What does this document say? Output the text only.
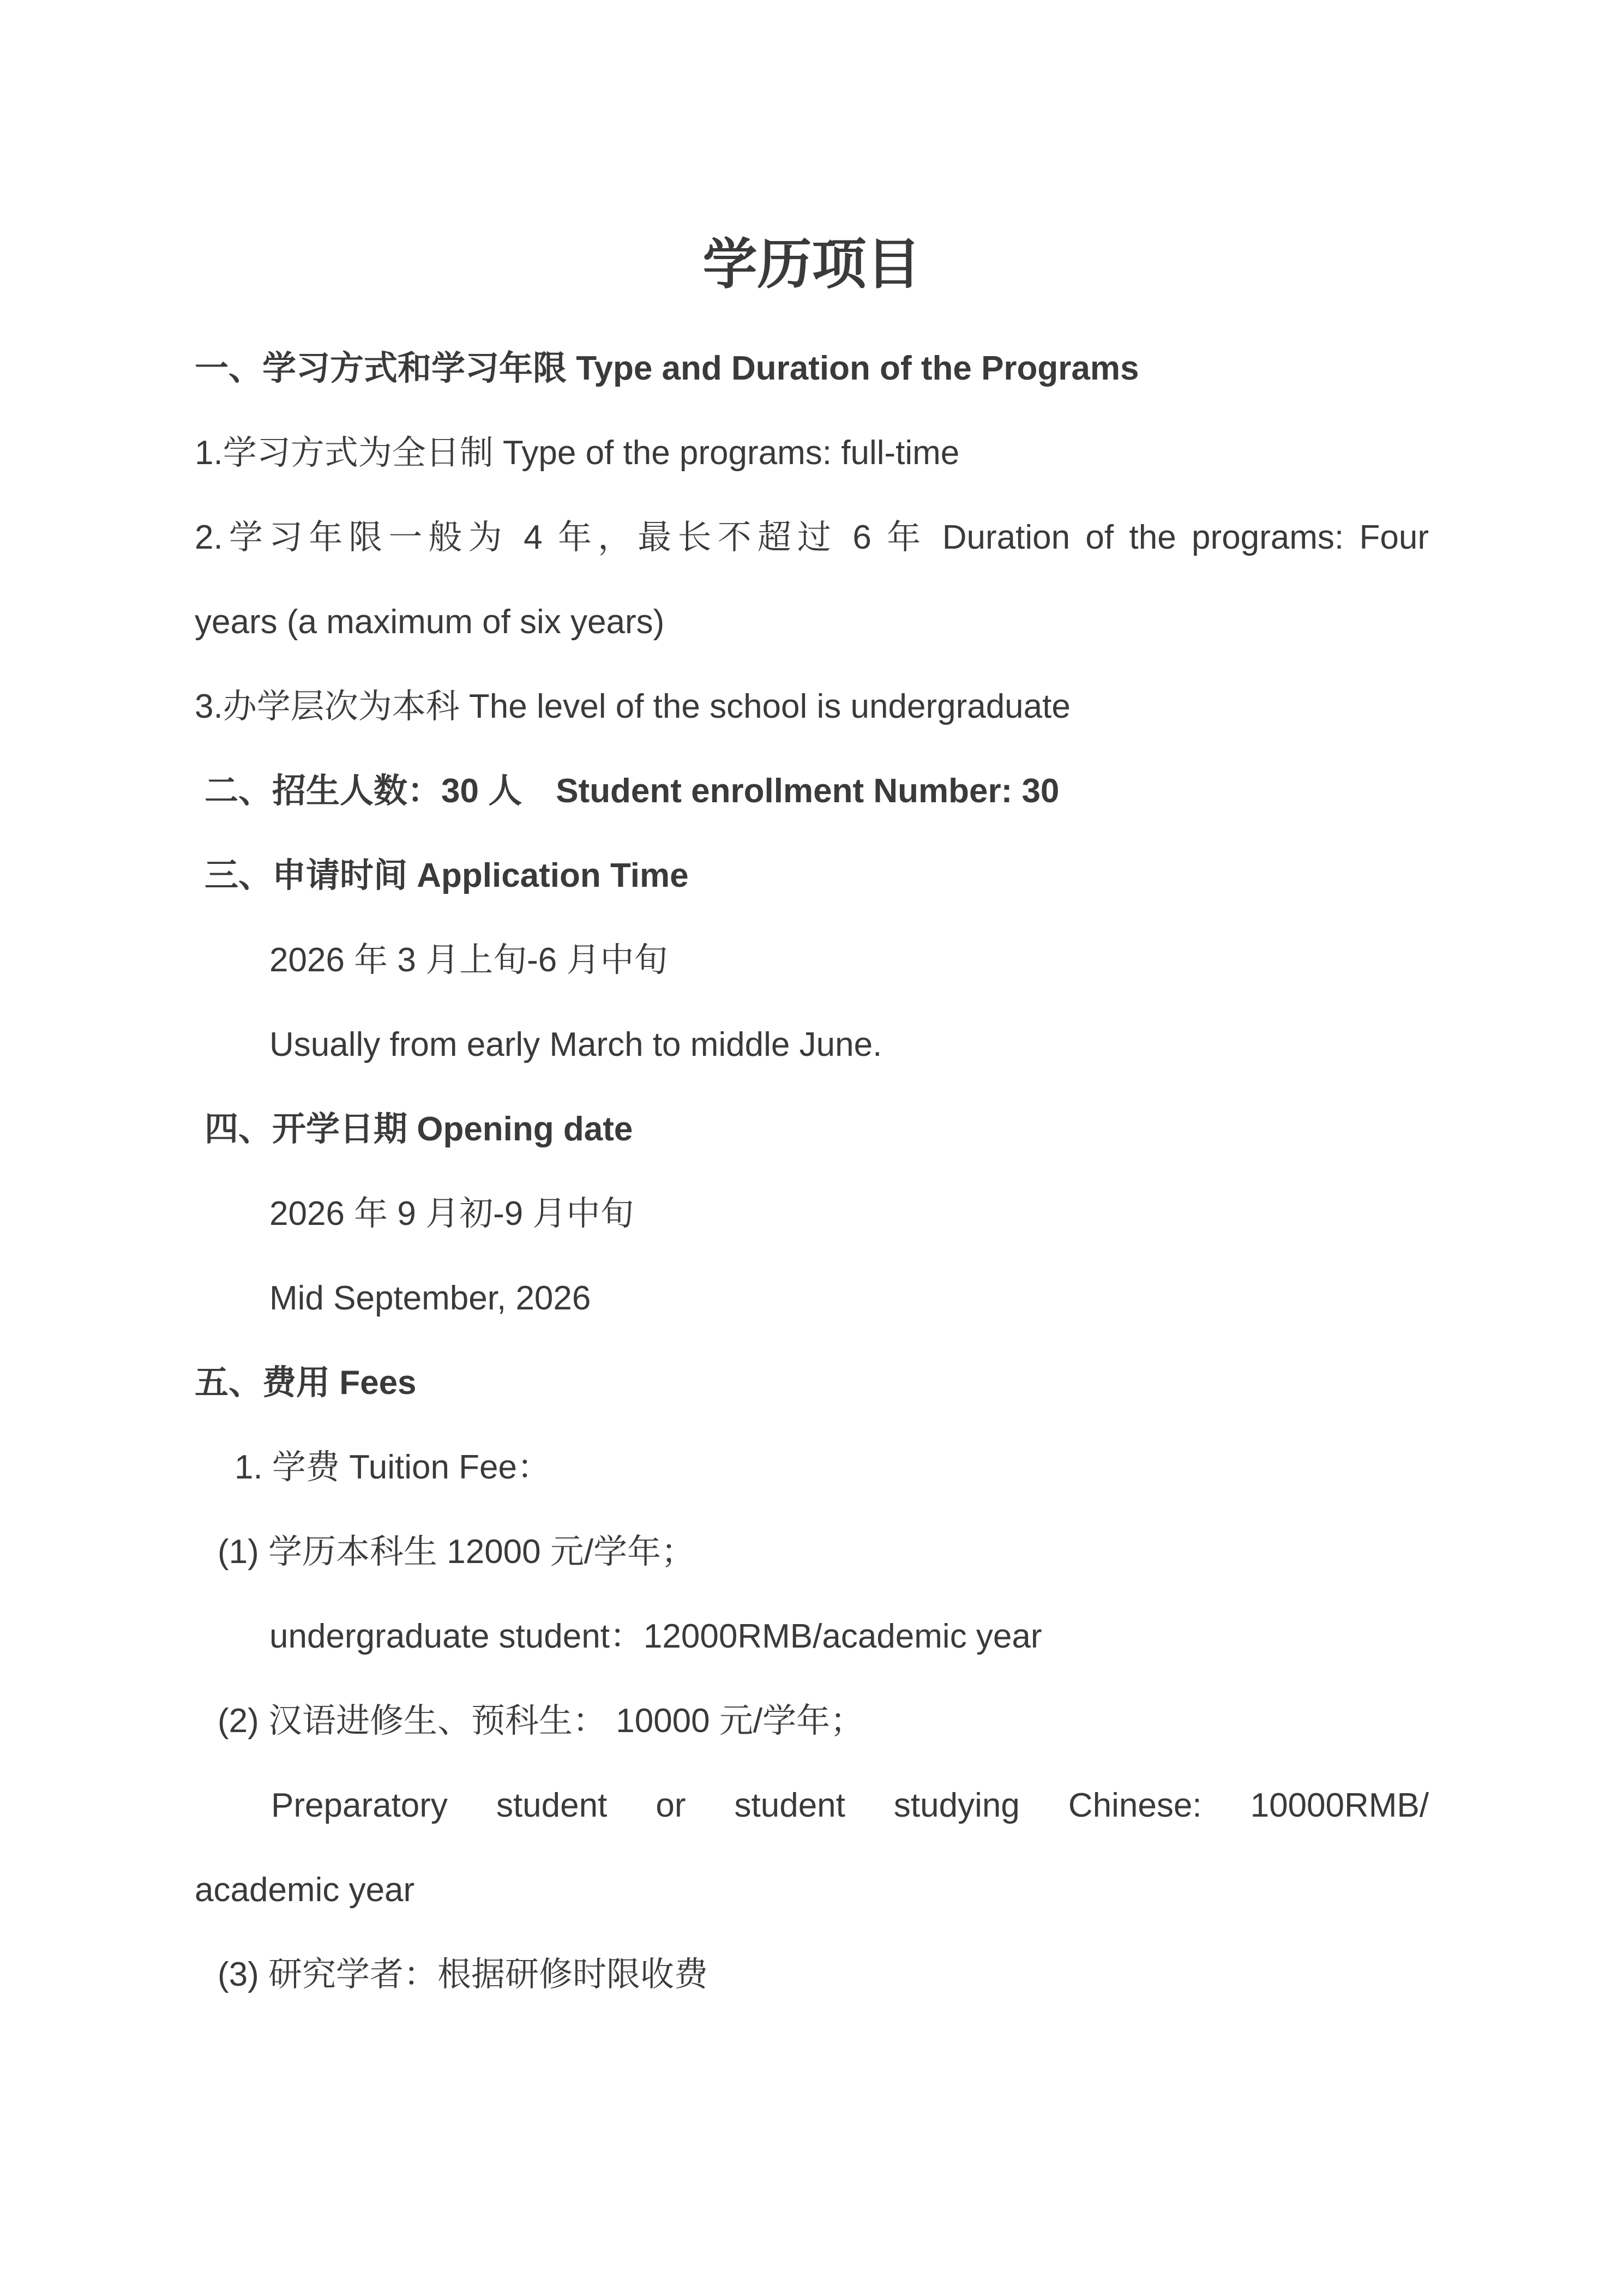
学历项目
一、学习方式和学习年限 Type and Duration of the Programs
1.学习方式为全日制 Type of the programs: full-time
2.学习年限一般为 4 年，最长不超过 6 年 Duration of the programs: Four
years (a maximum of six years)
3.办学层次为本科 The level of the school is undergraduate
二、招生人数：30 人　Student enrollment Number: 30
三、申请时间 Application Time
2026 年 3 月上旬-6 月中旬
Usually from early March to middle June.
四、开学日期 Opening date
2026 年 9 月初-9 月中旬
Mid September, 2026
五、费用 Fees
1. 学费 Tuition Fee：
(1) 学历本科生 12000 元/学年；
undergraduate student：12000RMB/academic year
(2) 汉语进修生、预科生： 10000 元/学年；
Preparatory student or student studying Chinese: 10000RMB/
academic year
(3) 研究学者：根据研修时限收费
